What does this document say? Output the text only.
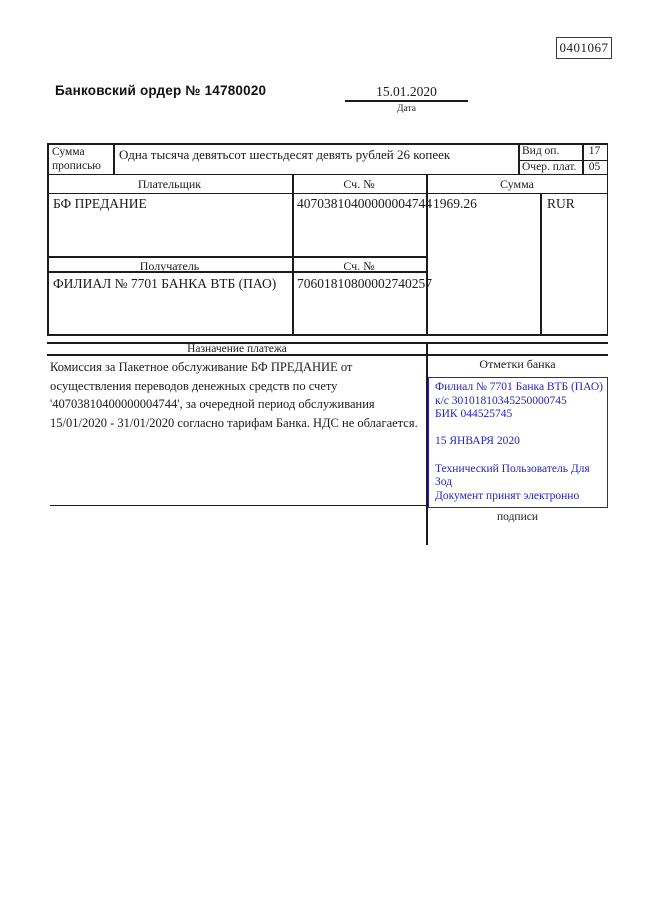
0401067
Банковский ордер № 14780020	15.01.2020
Дата
Сумма
прописью
Одна тысяча девятьсот шестьдесят девять рублей 26 копеек	Вид оп.	17
Очер. плат.	05
Плательщик	Сч. №	Сумма
БФ ПРЕДАНИЕ	40703810400000004744 1969.26	RUR
Получатель	Сч. №
ФИЛИАЛ № 7701 БАНКА ВТБ (ПАО) 70601810800002740257
Назначение платежа
Комиссия за Пакетное обслуживание БФ ПРЕДАНИЕ от осуществления переводов денежных средств по счету '40703810400000004744', за очередной период обслуживания 15/01/2020 - 31/01/2020 согласно тарифам Банка. НДС не облагается.
Отметки банка
Филиал № 7701 Банка ВТБ (ПАО)
к/с 30101810345250000745
БИК 044525745
15 ЯНВАРЯ 2020
Технический Пользователь Для
Зод
Документ принят электронно
подписи
